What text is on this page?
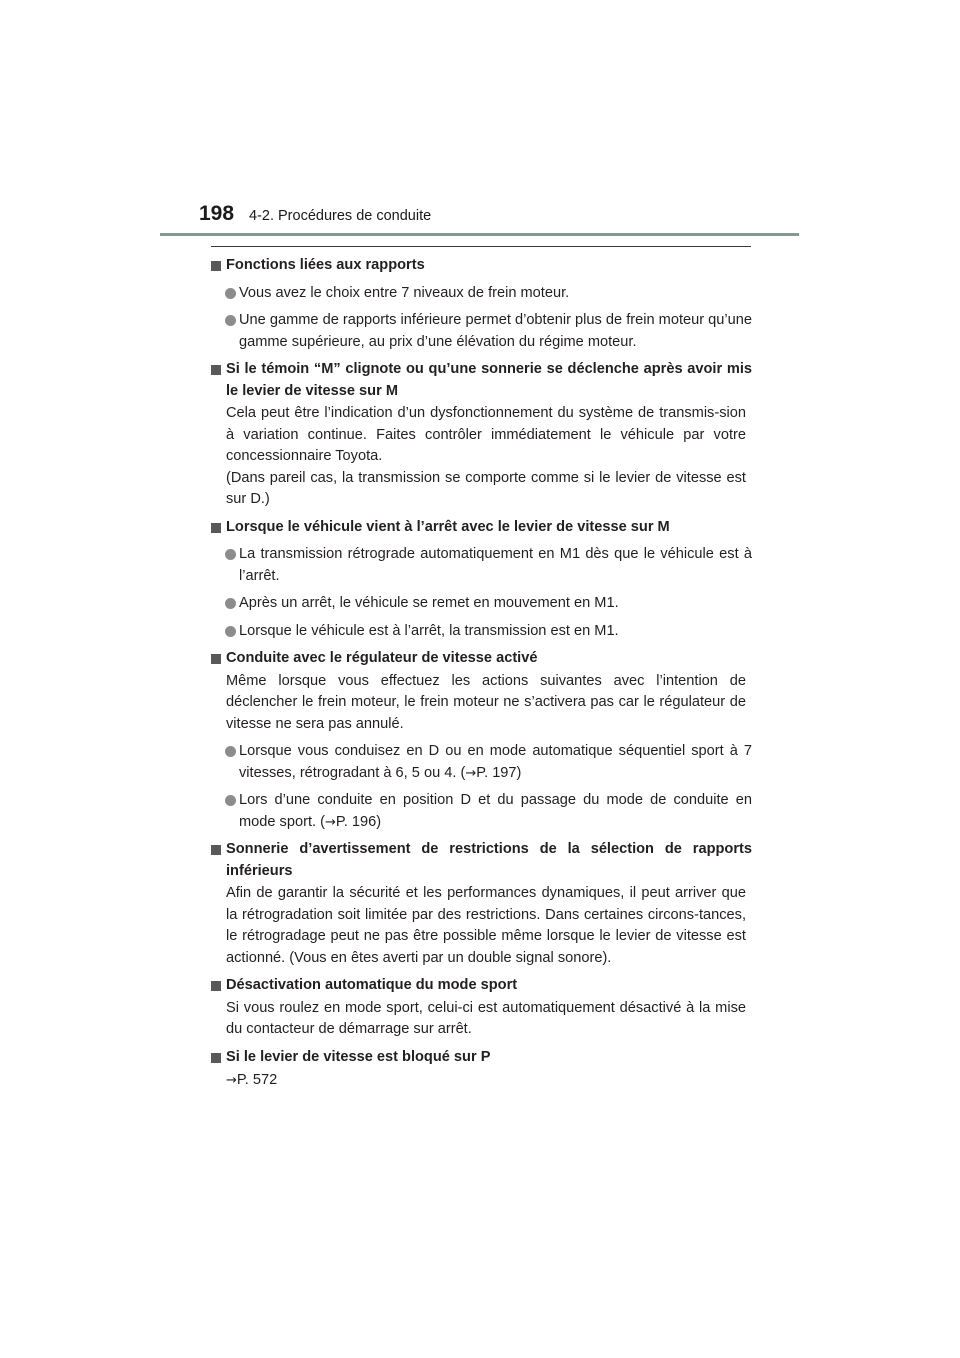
198 4-2. Procédures de conduite
Fonctions liées aux rapports
Vous avez le choix entre 7 niveaux de frein moteur.
Une gamme de rapports inférieure permet d’obtenir plus de frein moteur qu’une gamme supérieure, au prix d’une élévation du régime moteur.
Si le témoin “M” clignote ou qu’une sonnerie se déclenche après avoir mis le levier de vitesse sur M
Cela peut être l’indication d’un dysfonctionnement du système de transmis-sion à variation continue. Faites contrôler immédiatement le véhicule par votre concessionnaire Toyota.
(Dans pareil cas, la transmission se comporte comme si le levier de vitesse est sur D.)
Lorsque le véhicule vient à l’arrêt avec le levier de vitesse sur M
La transmission rétrograde automatiquement en M1 dès que le véhicule est à l’arrêt.
Après un arrêt, le véhicule se remet en mouvement en M1.
Lorsque le véhicule est à l’arrêt, la transmission est en M1.
Conduite avec le régulateur de vitesse activé
Même lorsque vous effectuez les actions suivantes avec l’intention de déclencher le frein moteur, le frein moteur ne s’activera pas car le régulateur de vitesse ne sera pas annulé.
Lorsque vous conduisez en D ou en mode automatique séquentiel sport à 7 vitesses, rétrogradant à 6, 5 ou 4. (→P. 197)
Lors d’une conduite en position D et du passage du mode de conduite en mode sport. (→P. 196)
Sonnerie d’avertissement de restrictions de la sélection de rapports inférieurs
Afin de garantir la sécurité et les performances dynamiques, il peut arriver que la rétrogradation soit limitée par des restrictions. Dans certaines circons-tances, le rétrogradage peut ne pas être possible même lorsque le levier de vitesse est actionné. (Vous en êtes averti par un double signal sonore).
Désactivation automatique du mode sport
Si vous roulez en mode sport, celui-ci est automatiquement désactivé à la mise du contacteur de démarrage sur arrêt.
Si le levier de vitesse est bloqué sur P
→P. 572
